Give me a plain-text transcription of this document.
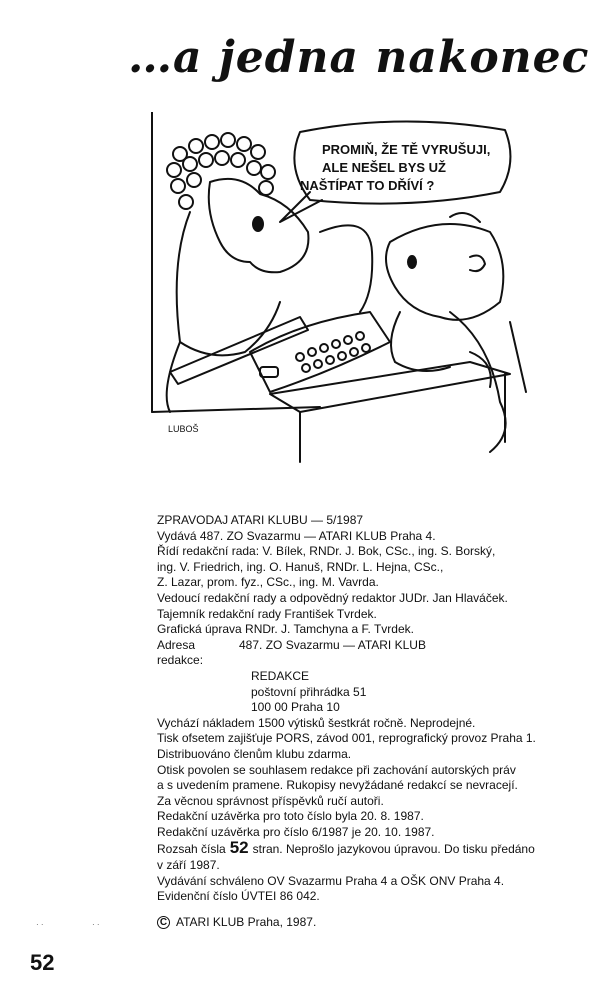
…a jedna nakonec
PROMIŇ, ŽE TĚ VYRUŠUJI,
ALE NEŠEL BYS UŽ
NAŠTÍPAT TO DŘÍVÍ ?
LUBOŠ
ZPRAVODAJ ATARI KLUBU — 5/1987
Vydává 487. ZO Svazarmu — ATARI KLUB Praha 4.
Řídí redakční rada: V. Bílek, RNDr. J. Bok, CSc., ing. S. Borský,
ing. V. Friedrich, ing. O. Hanuš, RNDr. L. Hejna, CSc.,
Z. Lazar, prom. fyz., CSc., ing. M. Vavrda.
Vedoucí redakční rady a odpovědný redaktor JUDr. Jan Hlaváček.
Tajemník redakční rady František Tvrdek.
Grafická úprava RNDr. J. Tamchyna a F. Tvrdek.
Adresa redakce:
487. ZO Svazarmu — ATARI KLUB
REDAKCE
poštovní přihrádka 51
100 00 Praha 10
Vychází nákladem 1500 výtisků šestkrát ročně. Neprodejné.
Tisk ofsetem zajišťuje PORS, závod 001, reprografický provoz Praha 1.
Distribuováno členům klubu zdarma.
Otisk povolen se souhlasem redakce při zachování autorských práv
a s uvedením pramene. Rukopisy nevyžádané redakcí se nevracejí.
Za věcnou správnost příspěvků ručí autoři.
Redakční uzávěrka pro toto číslo byla 20. 8. 1987.
Redakční uzávěrka pro číslo 6/1987 je 20. 10. 1987.
Rozsah čísla 52 stran. Neprošlo jazykovou úpravou. Do tisku předáno
v září 1987.
Vydávání schváleno OV Svazarmu Praha 4 a OŠK ONV Praha 4.
Evidenční číslo ÚVTEI 86 042.
C ATARI KLUB Praha, 1987.
· ·	· ·
52
